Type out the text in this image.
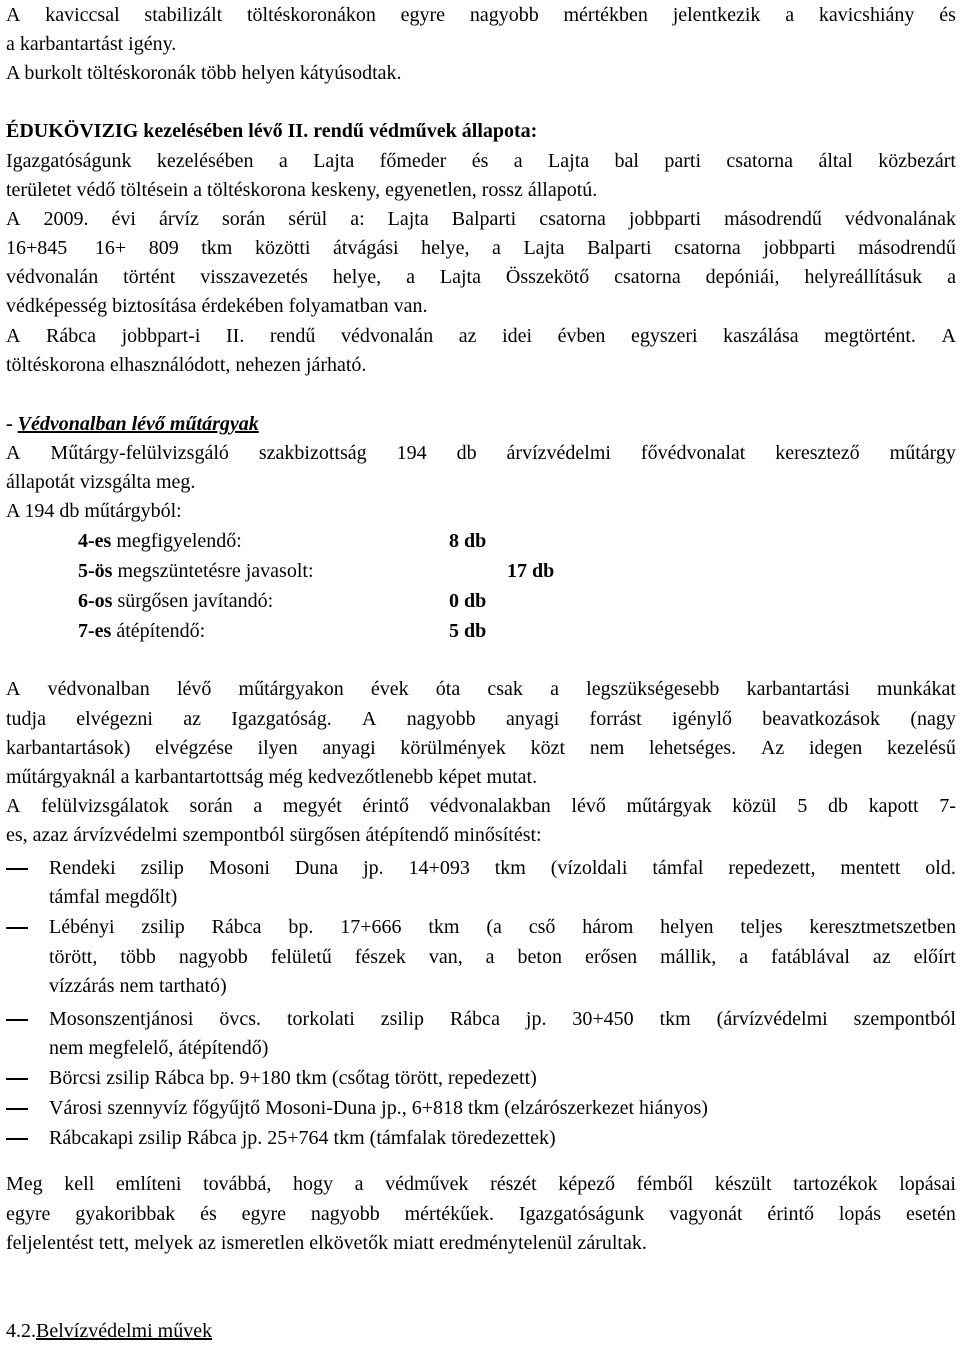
A kaviccsal stabilizált töltéskoronákon egyre nagyobb mértékben jelentkezik a kavicshiány és
a karbantartást igény.
A burkolt töltéskoronák több helyen kátyúsodtak.
ÉDUKÖVIZIG kezelésében lévő II. rendű védművek állapota:
Igazgatóságunk kezelésében a Lajta főmeder és a Lajta bal parti csatorna által közbezárt
területet védő töltésein a töltéskorona keskeny, egyenetlen, rossz állapotú.
A 2009. évi árvíz során sérül a: Lajta Balparti csatorna jobbparti másodrendű védvonalának
16+845 16+ 809 tkm közötti átvágási helye, a Lajta Balparti csatorna jobbparti másodrendű
védvonalán történt visszavezetés helye, a Lajta Összekötő csatorna depóniái, helyreállításuk a
védképesség biztosítása érdekében folyamatban van.
A Rábca jobbpart-i II. rendű védvonalán az idei évben egyszeri kaszálása megtörtént. A
töltéskorona elhasználódott, nehezen járható.
- Védvonalban lévő műtárgyak
A Műtárgy-felülvizsgáló szakbizottság 194 db árvízvédelmi fővédvonalat keresztező műtárgy
állapotát vizsgálta meg.
A 194 db műtárgyból:
4-es megfigyelendő:	8 db
5-ös megszüntetésre javasolt:	17 db
6-os sürgősen javítandó:	0 db
7-es átépítendő:	5 db
A védvonalban lévő műtárgyakon évek óta csak a legszükségesebb karbantartási munkákat
tudja elvégezni az Igazgatóság. A nagyobb anyagi forrást igénylő beavatkozások (nagy
karbantartások) elvégzése ilyen anyagi körülmények közt nem lehetséges. Az idegen kezelésű
műtárgyaknál a karbantartottság még kedvezőtlenebb képet mutat.
A felülvizsgálatok során a megyét érintő védvonalakban lévő műtárgyak közül 5 db kapott 7-
es, azaz árvízvédelmi szempontból sürgősen átépítendő minősítést:
Rendeki zsilip Mosoni Duna jp. 14+093 tkm (vízoldali támfal repedezett, mentett old.
támfal megdőlt)
Lébényi zsilip Rábca bp. 17+666 tkm (a cső három helyen teljes keresztmetszetben
törött, több nagyobb felületű fészek van, a beton erősen mállik, a fatáblával az előírt
vízzárás nem tartható)
Mosonszentjánosi övcs. torkolati zsilip Rábca jp. 30+450 tkm (árvízvédelmi szempontból
nem megfelelő, átépítendő)
Börcsi zsilip Rábca bp. 9+180 tkm (csőtag törött, repedezett)
Városi szennyvíz főgyűjtő Mosoni-Duna jp., 6+818 tkm (elzárószerkezet hiányos)
Rábcakapi zsilip Rábca jp. 25+764 tkm (támfalak töredezettek)
Meg kell említeni továbbá, hogy a védművek részét képező fémből készült tartozékok lopásai
egyre gyakoribbak és egyre nagyobb mértékűek. Igazgatóságunk vagyonát érintő lopás esetén
feljelentést tett, melyek az ismeretlen elkövetők miatt eredménytelenül zárultak.
4.2.Belvízvédelmi művek
